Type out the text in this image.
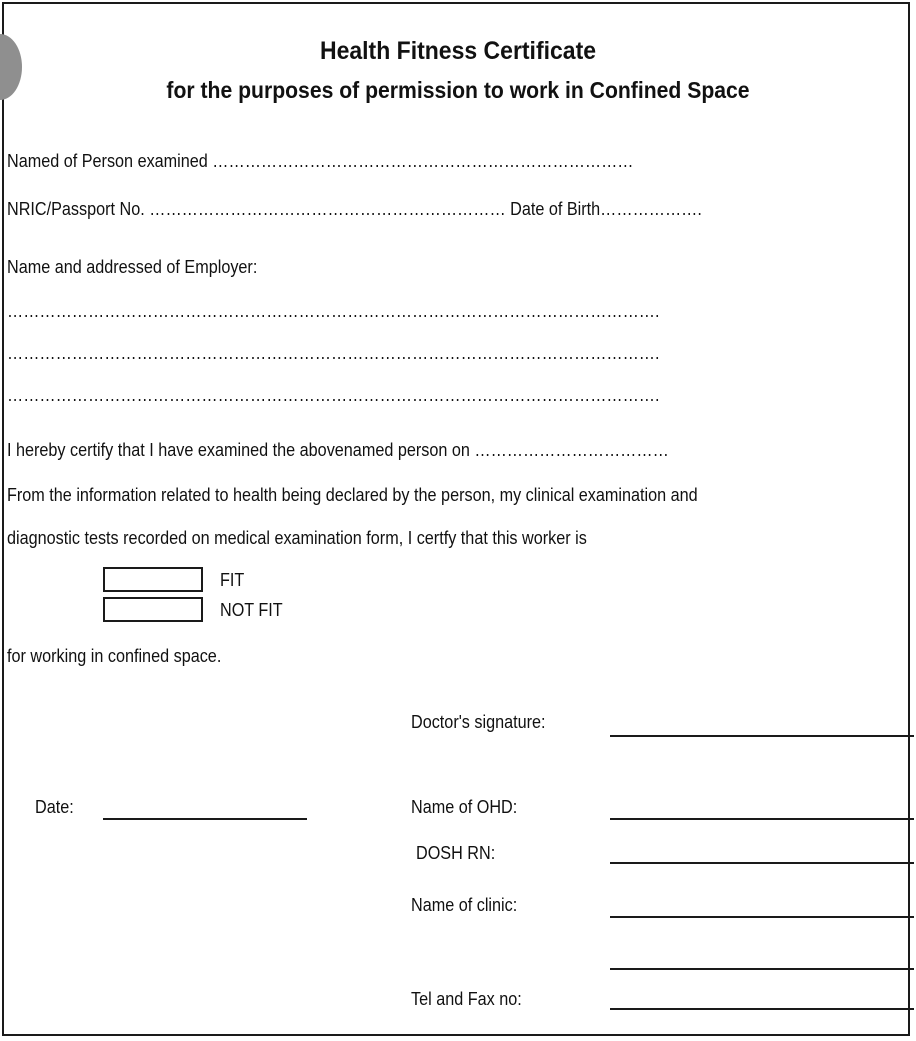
Health Fitness Certificate
for the purposes of permission to work in Confined Space
Named of Person examined ……………………………………………………………………
NRIC/Passport No. ………………………………………………………… Date of Birth……………….
Name and addressed of Employer:
………………………………………………………………………………………………………….
………………………………………………………………………………………………………….
………………………………………………………………………………………………………….
I hereby certify that I have examined the abovenamed person on ………………………………
From the information related to health being declared by the person, my clinical examination and
diagnostic tests recorded on medical examination form, I certfy that this worker is
FIT
NOT FIT
for working in confined space.
Doctor's signature:
Date:	Name of OHD:
DOSH RN:
Name of clinic:
Tel and Fax no:
